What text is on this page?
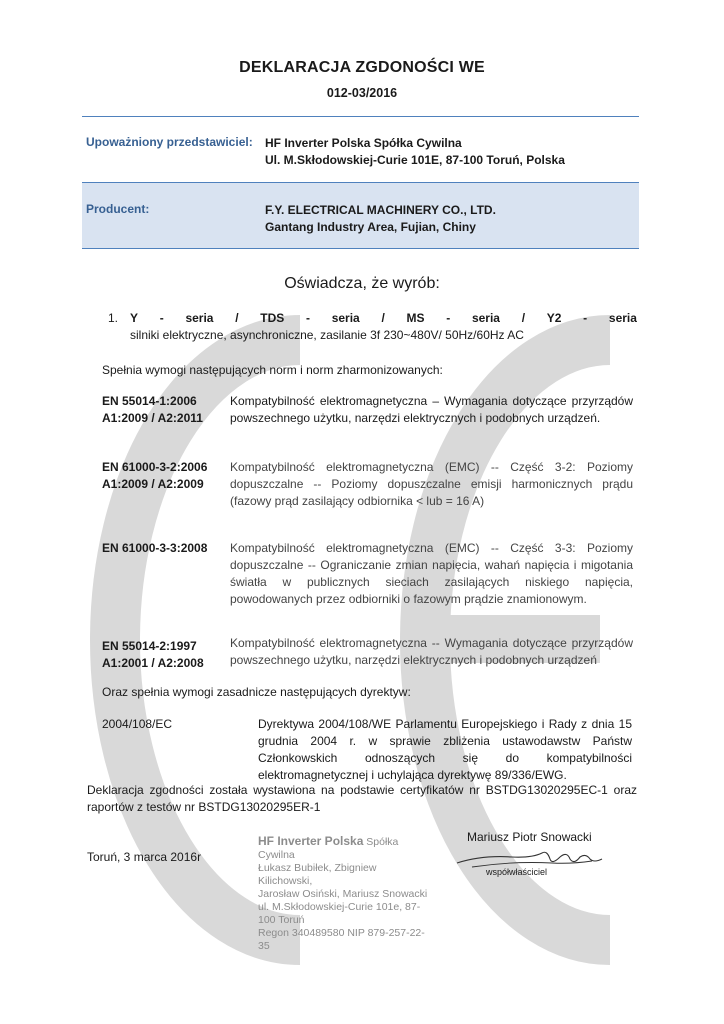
DEKLARACJA ZGDONOŚCI WE
012-03/2016
Upoważniony przedstawiciel: HF Inverter Polska Spółka Cywilna
Ul. M.Skłodowskiej-Curie 101E, 87-100 Toruń, Polska
Producent:	F.Y. ELECTRICAL MACHINERY CO., LTD.
Gantang Industry Area, Fujian, Chiny
Oświadcza, że wyrób:
1. Y - seria / TDS - seria / MS - seria / Y2 - seria
silniki elektryczne, asynchroniczne, zasilanie 3f 230~480V/ 50Hz/60Hz AC
Spełnia wymogi następujących norm i norm zharmonizowanych:
EN 55014-1:2006
A1:2009 / A2:2011
Kompatybilność elektromagnetyczna – Wymagania dotyczące przyrządów powszechnego użytku, narzędzi elektrycznych i podobnych urządzeń.
EN 61000-3-2:2006
A1:2009 / A2:2009
Kompatybilność elektromagnetyczna (EMC) -- Część 3-2: Poziomy dopuszczalne -- Poziomy dopuszczalne emisji harmonicznych prądu (fazowy prąd zasilający odbiornika < lub = 16 A)
EN 61000-3-3:2008 Kompatybilność elektromagnetyczna (EMC) -- Część 3-3: Poziomy dopuszczalne -- Ograniczanie zmian napięcia, wahań napięcia i migotania światła w publicznych sieciach zasilających niskiego napięcia, powodowanych przez odbiorniki o fazowym prądzie znamionowym.
EN 55014-2:1997
A1:2001 / A2:2008
Kompatybilność elektromagnetyczna -- Wymagania dotyczące przyrządów powszechnego użytku, narzędzi elektrycznych i podobnych urządzeń
Oraz spełnia wymogi zasadnicze następujących dyrektyw:
2004/108/EC	Dyrektywa 2004/108/WE Parlamentu Europejskiego i Rady z dnia 15 grudnia 2004 r. w sprawie zbliżenia ustawodawstw Państw Członkowskich odnoszących się do kompatybilności elektromagnetycznej i uchylająca dyrektywę 89/336/EWG.
Deklaracja zgodności została wystawiona na podstawie certyfikatów nr BSTDG13020295EC-1 oraz raportów z testów nr BSTDG13020295ER-1
Toruń, 3 marca 2016r
HF Inverter Polska Spółka Cywilna
Łukasz Bubiłek, Zbigniew Kilichowski,
Jarosław Osiński, Mariusz Snowacki
ul. M.Skłodowskiej-Curie 101e, 87-100 Toruń
Regon 340489580 NIP 879-257-22-35
Mariusz Piotr Snowacki
współwłaściciel
